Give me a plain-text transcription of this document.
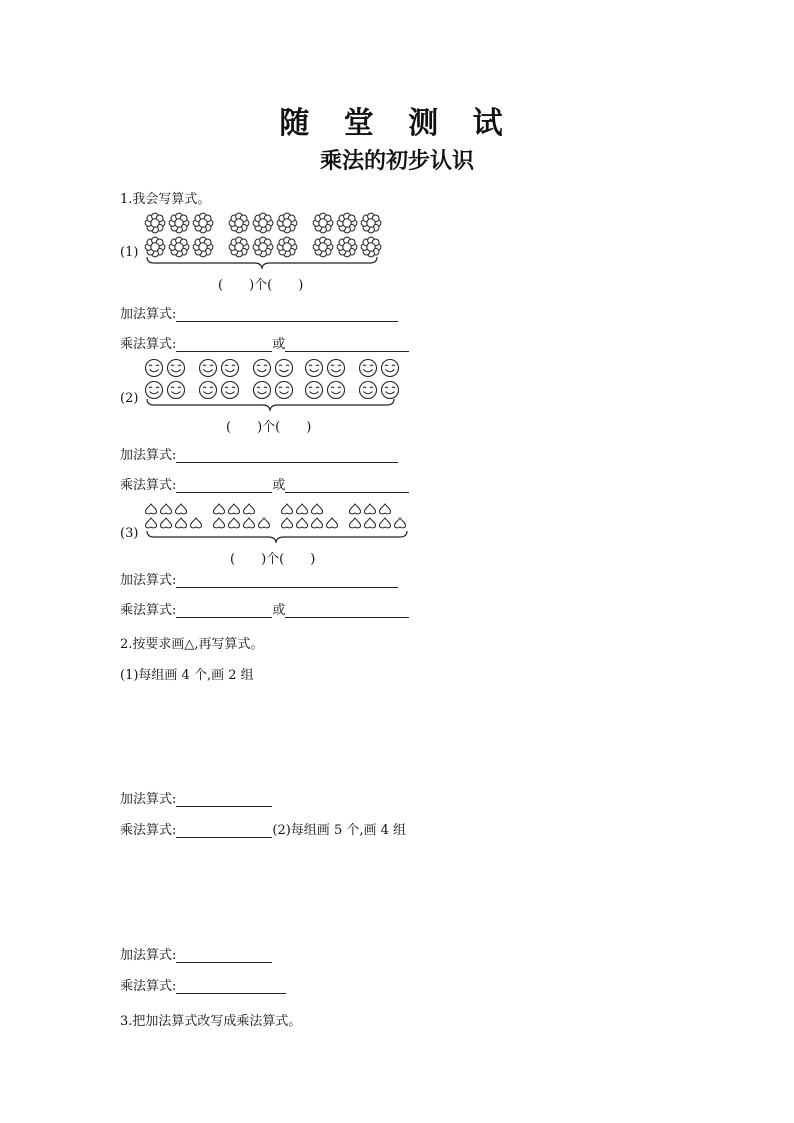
随 堂 测 试
乘法的初步认识
1.我会写算式。
(1)
(　　)个(　　)
加法算式:
乘法算式:	或
(2)
(　　)个(　　)
加法算式:
乘法算式:	或
(3)
(　　)个(　　)
加法算式:
乘法算式:	或
2.按要求画△,再写算式。
(1)每组画 4 个,画 2 组
加法算式:
乘法算式:	(2)每组画 5 个,画 4 组
加法算式:
乘法算式:
3.把加法算式改写成乘法算式。
